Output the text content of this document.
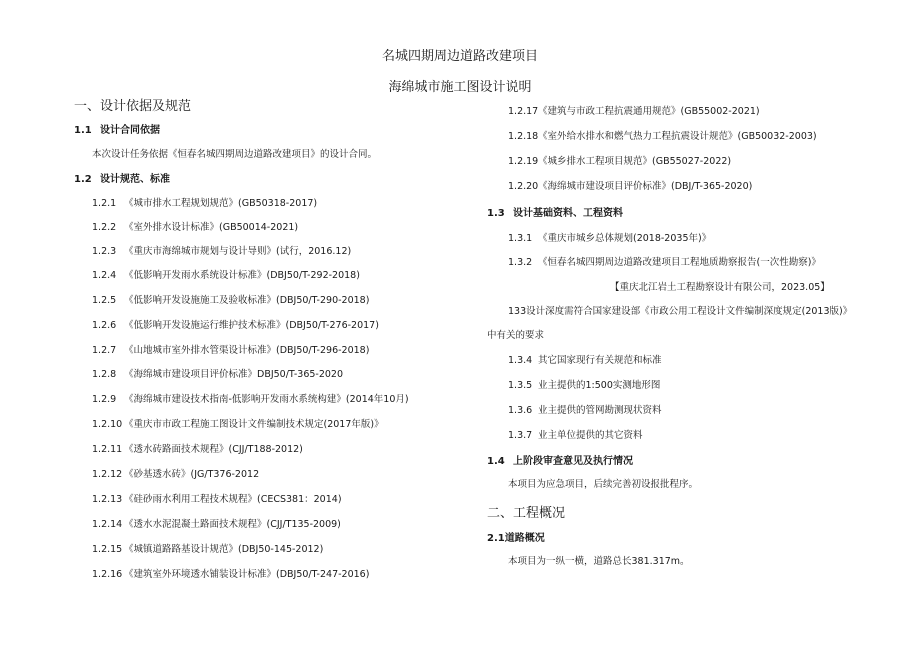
名城四期周边道路改建项目
海绵城市施工图设计说明
一、设计依据及规范
1.1 设计合同依据
本次设计任务依据《恒春名城四期周边道路改建项目》的设计合同。
1.2 设计规范、标准
1.2.1 《城市排水工程规划规范》(GB50318-2017)
1.2.2 《室外排水设计标准》(GB50014-2021)
1.2.3 《重庆市海绵城市规划与设计导则》(试行，2016.12)
1.2.4 《低影响开发雨水系统设计标准》(DBJ50/T-292-2018)
1.2.5 《低影响开发设施施工及验收标准》(DBJ50/T-290-2018)
1.2.6 《低影响开发设施运行维护技术标准》(DBJ50/T-276-2017)
1.2.7 《山地城市室外排水管渠设计标准》(DBJ50/T-296-2018)
1.2.8 《海绵城市建设项目评价标准》DBJ50/T-365-2020
1.2.9 《海绵城市建设技术指南-低影响开发雨水系统构建》(2014年10月)
1.2.10 《重庆市市政工程施工图设计文件编制技术规定(2017年版)》
1.2.11 《透水砖路面技术规程》(CJJ/T188-2012)
1.2.12 《砂基透水砖》(JG/T376-2012
1.2.13 《硅砂雨水利用工程技术规程》(CECS381：2014)
1.2.14 《透水水泥混凝土路面技术规程》(CJJ/T135-2009)
1.2.15 《城镇道路路基设计规范》(DBJ50-145-2012)
1.2.16 《建筑室外环境透水铺装设计标准》(DBJ50/T-247-2016)
1.2.17《建筑与市政工程抗震通用规范》(GB55002-2021)
1.2.18《室外给水排水和燃气热力工程抗震设计规范》(GB50032-2003)
1.2.19《城乡排水工程项目规范》(GB55027-2022)
1.2.20《海绵城市建设项目评价标准》(DBJ/T-365-2020)
1.3 设计基础资料、工程资料
1.3.1 《重庆市城乡总体规划(2018-2035年)》
1.3.2 《恒春名城四期周边道路改建项目工程地质勘察报告(一次性勘察)》
【重庆北江岩土工程勘察设计有限公司，2023.05】
133设计深度需符合国家建设部《市政公用工程设计文件编制深度规定(2013版)》
中有关的要求
1.3.4 其它国家现行有关规范和标准
1.3.5 业主提供的1:500实测地形图
1.3.6 业主提供的管网勘测现状资料
1.3.7 业主单位提供的其它资料
1.4 上阶段审查意见及执行情况
本项目为应急项目，后续完善初设报批程序。
二、工程概况
2.1道路概况
本项目为一纵一横，道路总长381.317m。
